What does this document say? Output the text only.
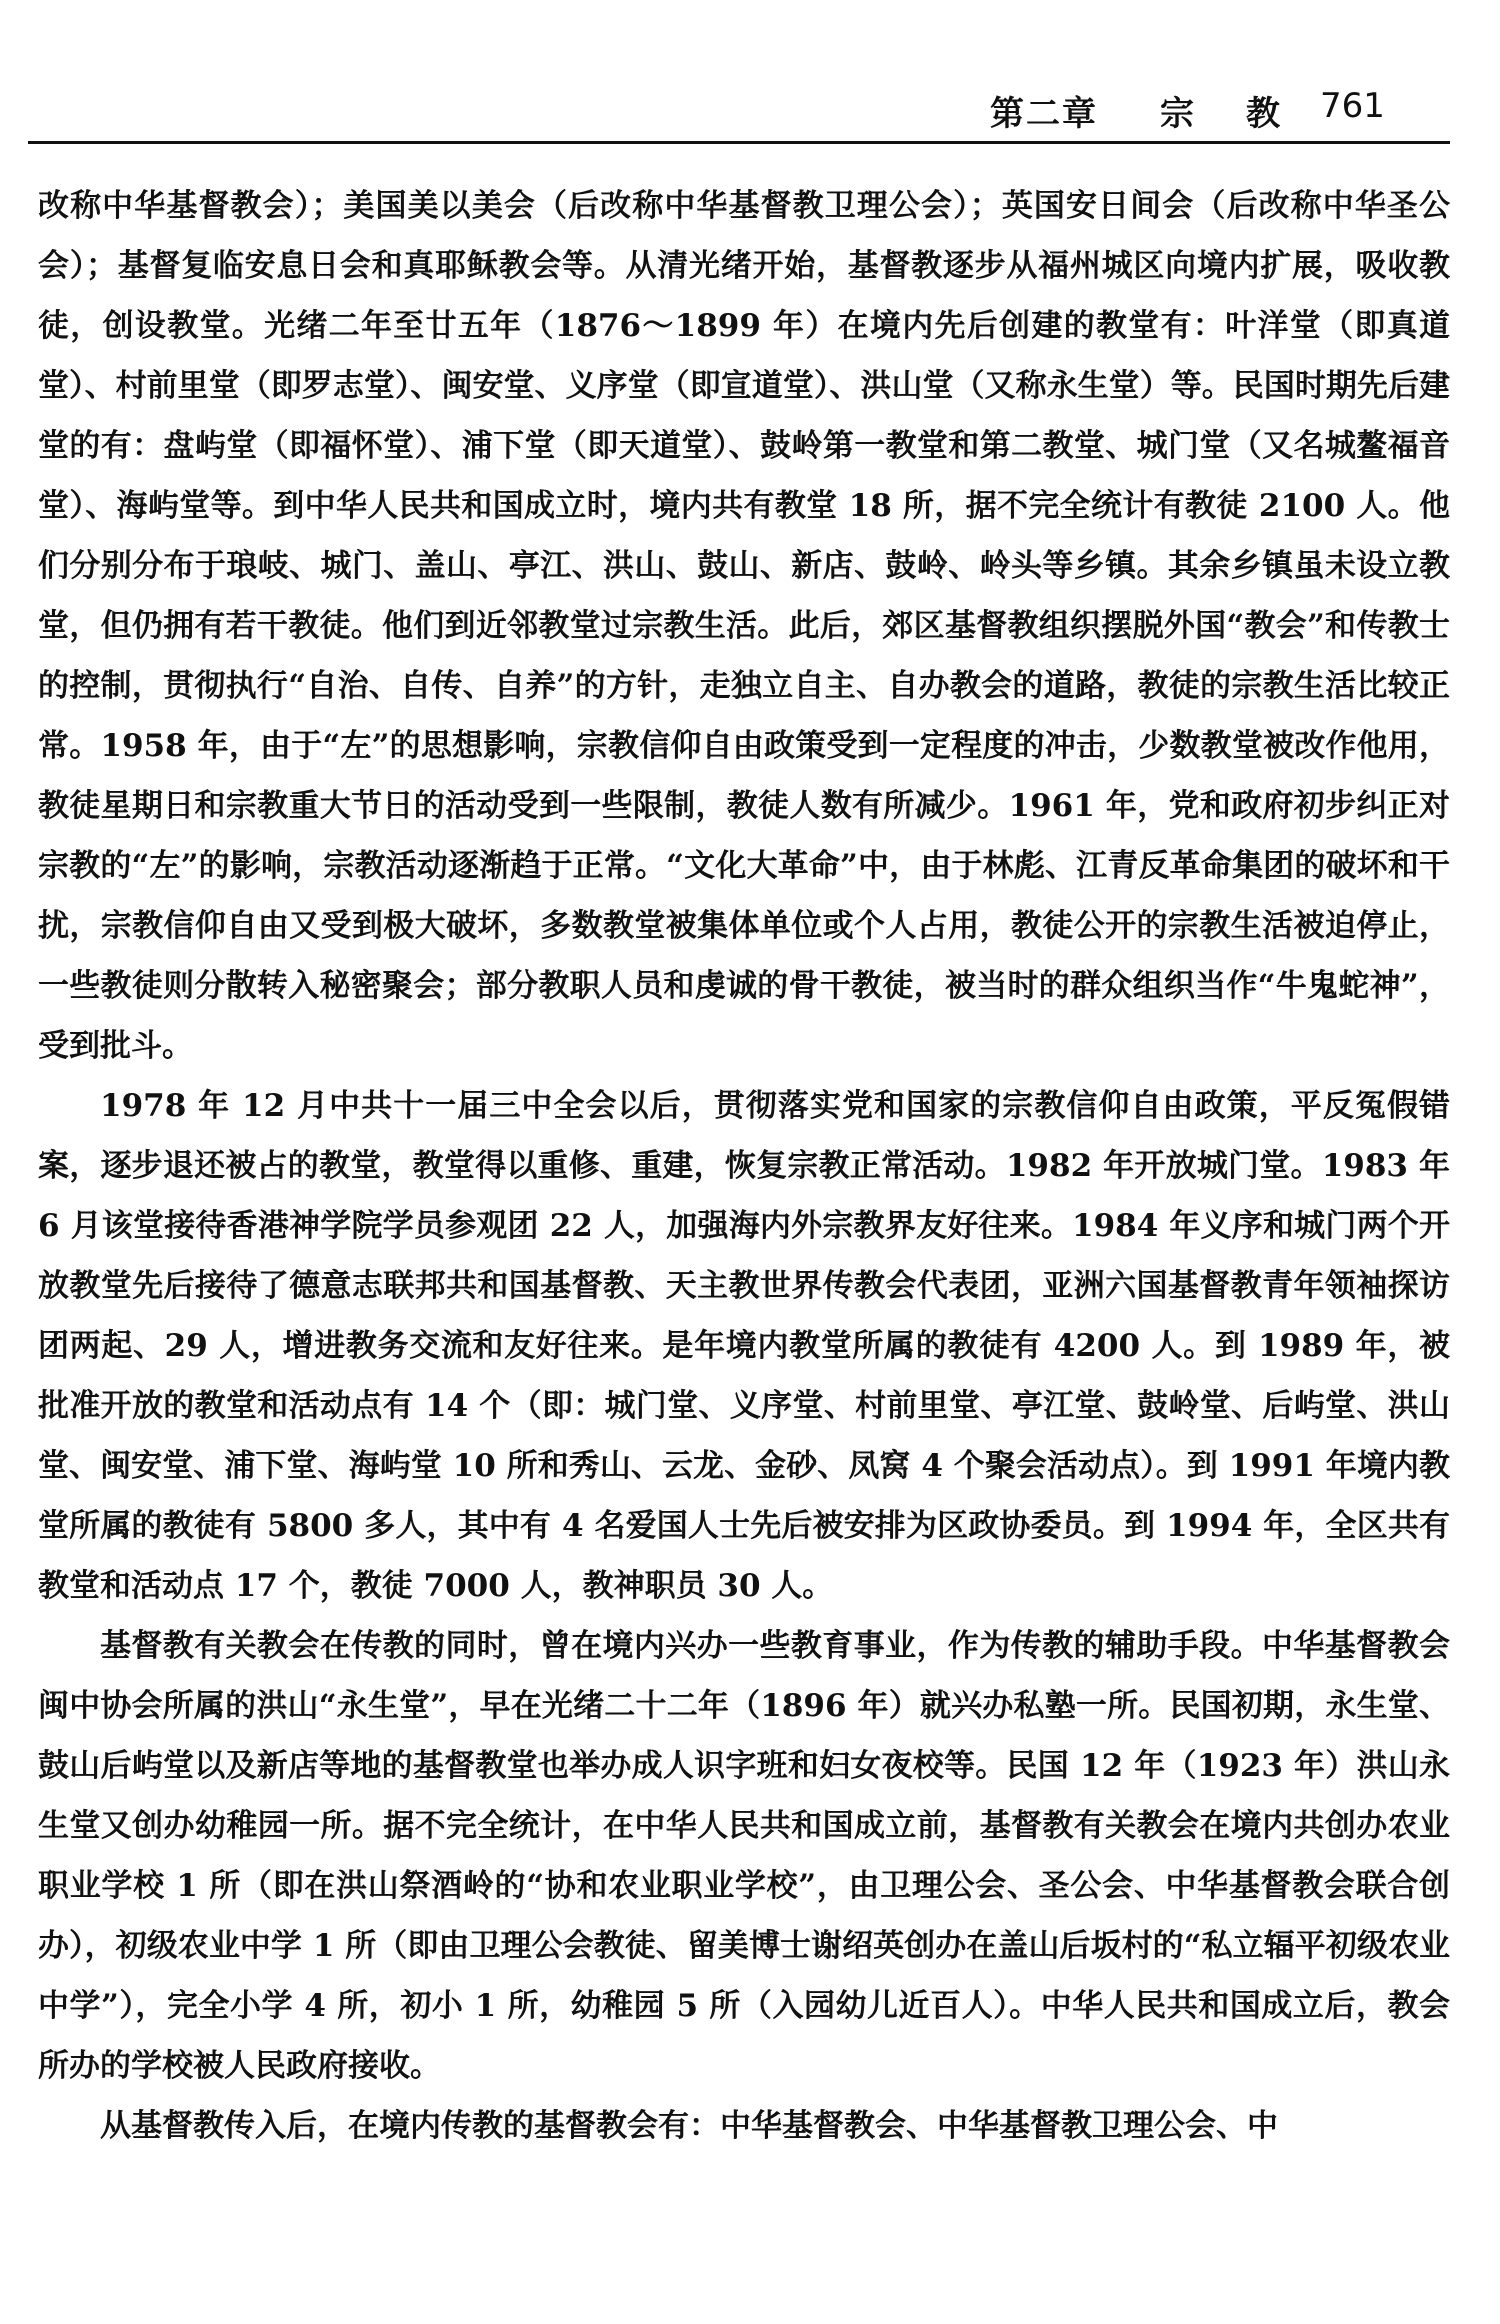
第二章 宗教
761

改称中华基督教会）；美国美以美会（后改称中华基督教卫理公会）；英国安日间会（后改称中华圣公会）；基督复临安息日会和真耶稣教会等。从清光绪开始，基督教逐步从福州城区向境内扩展，吸收教徒，创设教堂。光绪二年至廿五年（1876～1899 年）在境内先后创建的教堂有：叶洋堂（即真道堂）、村前里堂（即罗志堂）、闽安堂、义序堂（即宣道堂）、洪山堂（又称永生堂）等。民国时期先后建堂的有：盘屿堂（即福怀堂）、浦下堂（即天道堂）、鼓岭第一教堂和第二教堂、城门堂（又名城鳌福音堂）、海屿堂等。到中华人民共和国成立时，境内共有教堂 18 所，据不完全统计有教徒 2100 人。他们分别分布于琅岐、城门、盖山、亭江、洪山、鼓山、新店、鼓岭、岭头等乡镇。其余乡镇虽未设立教堂，但仍拥有若干教徒。他们到近邻教堂过宗教生活。此后，郊区基督教组织摆脱外国“教会”和传教士的控制，贯彻执行“自治、自传、自养”的方针，走独立自主、自办教会的道路，教徒的宗教生活比较正常。1958 年，由于“左”的思想影响，宗教信仰自由政策受到一定程度的冲击，少数教堂被改作他用，教徒星期日和宗教重大节日的活动受到一些限制，教徒人数有所减少。1961 年，党和政府初步纠正对宗教的“左”的影响，宗教活动逐渐趋于正常。“文化大革命”中，由于林彪、江青反革命集团的破坏和干扰，宗教信仰自由又受到极大破坏，多数教堂被集体单位或个人占用，教徒公开的宗教生活被迫停止，一些教徒则分散转入秘密聚会；部分教职人员和虔诚的骨干教徒，被当时的群众组织当作“牛鬼蛇神”，受到批斗。

1978 年 12 月中共十一届三中全会以后，贯彻落实党和国家的宗教信仰自由政策，平反冤假错案，逐步退还被占的教堂，教堂得以重修、重建，恢复宗教正常活动。1982 年开放城门堂。1983 年 6 月该堂接待香港神学院学员参观团 22 人，加强海内外宗教界友好往来。1984 年义序和城门两个开放教堂先后接待了德意志联邦共和国基督教、天主教世界传教会代表团，亚洲六国基督教青年领袖探访团两起、29 人，增进教务交流和友好往来。是年境内教堂所属的教徒有 4200 人。到 1989 年，被批准开放的教堂和活动点有 14 个（即：城门堂、义序堂、村前里堂、亭江堂、鼓岭堂、后屿堂、洪山堂、闽安堂、浦下堂、海屿堂 10 所和秀山、云龙、金砂、凤窝 4 个聚会活动点）。到 1991 年境内教堂所属的教徒有 5800 多人，其中有 4 名爱国人士先后被安排为区政协委员。到 1994 年，全区共有教堂和活动点 17 个，教徒 7000 人，教神职员 30 人。

基督教有关教会在传教的同时，曾在境内兴办一些教育事业，作为传教的辅助手段。中华基督教会闽中协会所属的洪山“永生堂”，早在光绪二十二年（1896 年）就兴办私塾一所。民国初期，永生堂、鼓山后屿堂以及新店等地的基督教堂也举办成人识字班和妇女夜校等。民国 12 年（1923 年）洪山永生堂又创办幼稚园一所。据不完全统计，在中华人民共和国成立前，基督教有关教会在境内共创办农业职业学校 1 所（即在洪山祭酒岭的“协和农业职业学校”，由卫理公会、圣公会、中华基督教会联合创办），初级农业中学 1 所（即由卫理公会教徒、留美博士谢绍英创办在盖山后坂村的“私立辐平初级农业中学”），完全小学 4 所，初小 1 所，幼稚园 5 所（入园幼儿近百人）。中华人民共和国成立后，教会所办的学校被人民政府接收。

从基督教传入后，在境内传教的基督教会有：中华基督教会、中华基督教卫理公会、中
